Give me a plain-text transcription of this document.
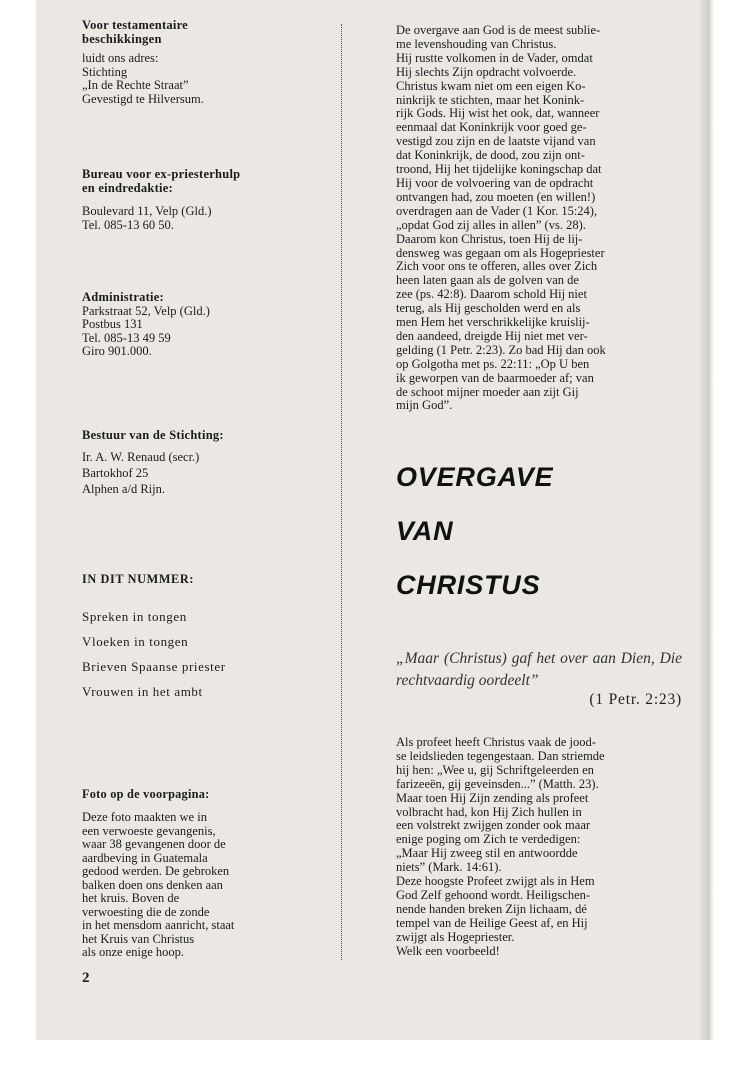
Voor testamentaire
beschikkingen

luidt ons adres:
Stichting
„In de Rechte Straat”
Gevestigd te Hilversum.

Bureau voor ex-priesterhulp
en eindredaktie:

Boulevard 11, Velp (Gld.)
Tel. 085-13 60 50.

Administratie:

Parkstraat 52, Velp (Gld.)
Postbus 131
Tel. 085-13 49 59
Giro 901.000.

Bestuur van de Stichting:

Ir. A. W. Renaud (secr.)
Bartokhof 25
Alphen a/d Rijn.

IN DIT NUMMER:

Spreken in tongen
Vloeken in tongen
Brieven Spaanse priester
Vrouwen in het ambt

Foto op de voorpagina:

Deze foto maakten we in
een verwoeste gevangenis,
waar 38 gevangenen door de
aardbeving in Guatemala
gedood werden. De gebroken
balken doen ons denken aan
het kruis. Boven de
verwoesting die de zonde
in het mensdom aanricht, staat
het Kruis van Christus
als onze enige hoop.

2

De overgave aan God is de meest sublie-
me levenshouding van Christus.
Hij rustte volkomen in de Vader, omdat
Hij slechts Zijn opdracht volvoerde.
Christus kwam niet om een eigen Ko-
ninkrijk te stichten, maar het Konink-
rijk Gods. Hij wist het ook, dat, wanneer
eenmaal dat Koninkrijk voor goed ge-
vestigd zou zijn en de laatste vijand van
dat Koninkrijk, de dood, zou zijn ont-
troond, Hij het tijdelijke koningschap dat
Hij voor de volvoering van de opdracht
ontvangen had, zou moeten (en willen!)
overdragen aan de Vader (1 Kor. 15:24),
„opdat God zij alles in allen” (vs. 28).
Daarom kon Christus, toen Hij de lij-
densweg was gegaan om als Hogepriester
Zich voor ons te offeren, alles over Zich
heen laten gaan als de golven van de
zee (ps. 42:8). Daarom schold Hij niet
terug, als Hij gescholden werd en als
men Hem het verschrikkelijke kruislij-
den aandeed, dreigde Hij niet met ver-
gelding (1 Petr. 2:23). Zo bad Hij dan ook
op Golgotha met ps. 22:11: „Op U ben
ik geworpen van de baarmoeder af; van
de schoot mijner moeder aan zijt Gij
mijn God”.

OVERGAVE

VAN

CHRISTUS

„Maar (Christus) gaf het over aan Dien, Die rechtvaardig oordeelt”

(1 Petr. 2:23)

Als profeet heeft Christus vaak de jood-
se leidslieden tegengestaan. Dan striemde
hij hen: „Wee u, gij Schriftgeleerden en
farizeeën, gij geveinsden...” (Matth. 23).
Maar toen Hij Zijn zending als profeet
volbracht had, kon Hij Zich hullen in
een volstrekt zwijgen zonder ook maar
enige poging om Zich te verdedigen:
„Maar Hij zweeg stil en antwoordde
niets” (Mark. 14:61).
Deze hoogste Profeet zwijgt als in Hem
God Zelf gehoond wordt. Heiligschen-
nende handen breken Zijn lichaam, dé
tempel van de Heilige Geest af, en Hij
zwijgt als Hogepriester.
Welk een voorbeeld!
